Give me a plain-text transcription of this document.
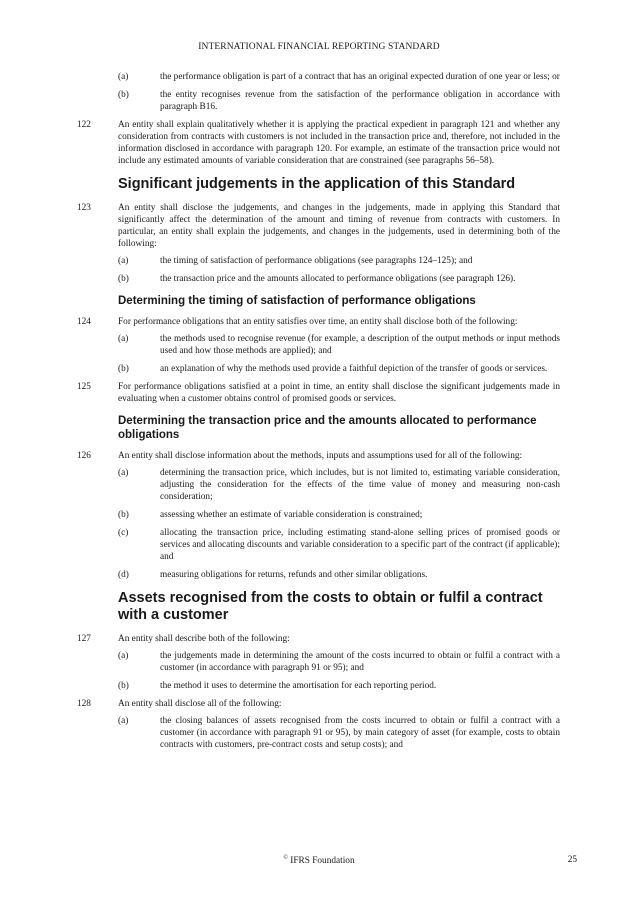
INTERNATIONAL FINANCIAL REPORTING STANDARD
(a)	the performance obligation is part of a contract that has an original expected duration of one year or less; or
(b)	the entity recognises revenue from the satisfaction of the performance obligation in accordance with paragraph B16.
122	An entity shall explain qualitatively whether it is applying the practical expedient in paragraph 121 and whether any consideration from contracts with customers is not included in the transaction price and, therefore, not included in the information disclosed in accordance with paragraph 120. For example, an estimate of the transaction price would not include any estimated amounts of variable consideration that are constrained (see paragraphs 56–58).
Significant judgements in the application of this Standard
123	An entity shall disclose the judgements, and changes in the judgements, made in applying this Standard that significantly affect the determination of the amount and timing of revenue from contracts with customers. In particular, an entity shall explain the judgements, and changes in the judgements, used in determining both of the following:
(a)	the timing of satisfaction of performance obligations (see paragraphs 124–125); and
(b)	the transaction price and the amounts allocated to performance obligations (see paragraph 126).
Determining the timing of satisfaction of performance obligations
124	For performance obligations that an entity satisfies over time, an entity shall disclose both of the following:
(a)	the methods used to recognise revenue (for example, a description of the output methods or input methods used and how those methods are applied); and
(b)	an explanation of why the methods used provide a faithful depiction of the transfer of goods or services.
125	For performance obligations satisfied at a point in time, an entity shall disclose the significant judgements made in evaluating when a customer obtains control of promised goods or services.
Determining the transaction price and the amounts allocated to performance obligations
126	An entity shall disclose information about the methods, inputs and assumptions used for all of the following:
(a)	determining the transaction price, which includes, but is not limited to, estimating variable consideration, adjusting the consideration for the effects of the time value of money and measuring non-cash consideration;
(b)	assessing whether an estimate of variable consideration is constrained;
(c)	allocating the transaction price, including estimating stand-alone selling prices of promised goods or services and allocating discounts and variable consideration to a specific part of the contract (if applicable); and
(d)	measuring obligations for returns, refunds and other similar obligations.
Assets recognised from the costs to obtain or fulfil a contract with a customer
127	An entity shall describe both of the following:
(a)	the judgements made in determining the amount of the costs incurred to obtain or fulfil a contract with a customer (in accordance with paragraph 91 or 95); and
(b)	the method it uses to determine the amortisation for each reporting period.
128	An entity shall disclose all of the following:
(a)	the closing balances of assets recognised from the costs incurred to obtain or fulfil a contract with a customer (in accordance with paragraph 91 or 95), by main category of asset (for example, costs to obtain contracts with customers, pre-contract costs and setup costs); and
© IFRS Foundation	25
